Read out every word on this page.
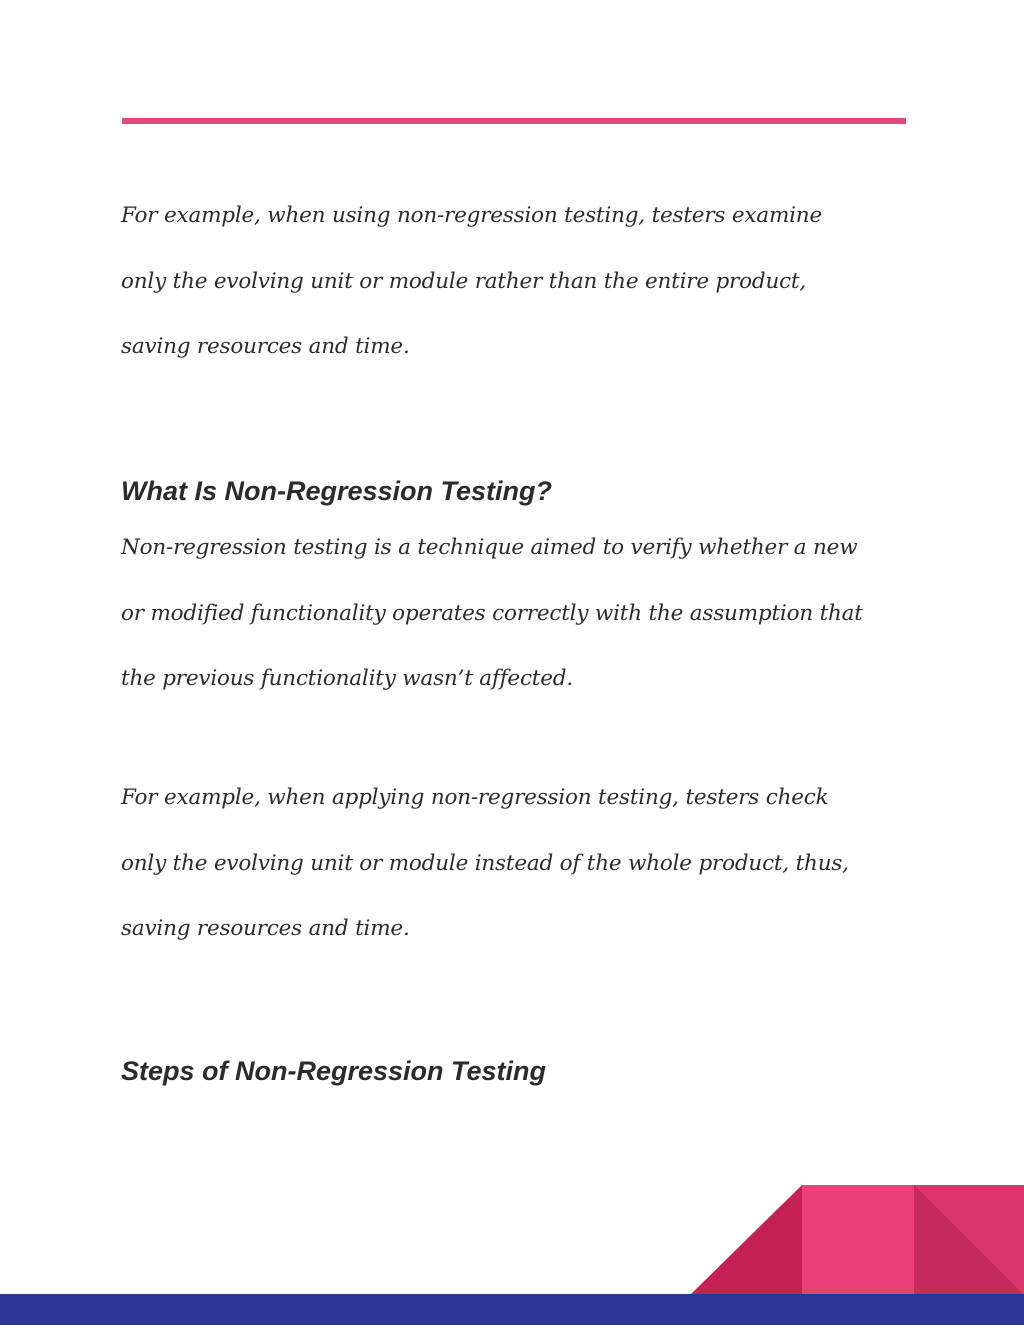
For example, when using non-regression testing, testers examine
only the evolving unit or module rather than the entire product,
saving resources and time.

What Is Non-Regression Testing?

Non-regression testing is a technique aimed to verify whether a new
or modified functionality operates correctly with the assumption that
the previous functionality wasn’t affected.

For example, when applying non-regression testing, testers check
only the evolving unit or module instead of the whole product, thus,
saving resources and time.

Steps of Non-Regression Testing
